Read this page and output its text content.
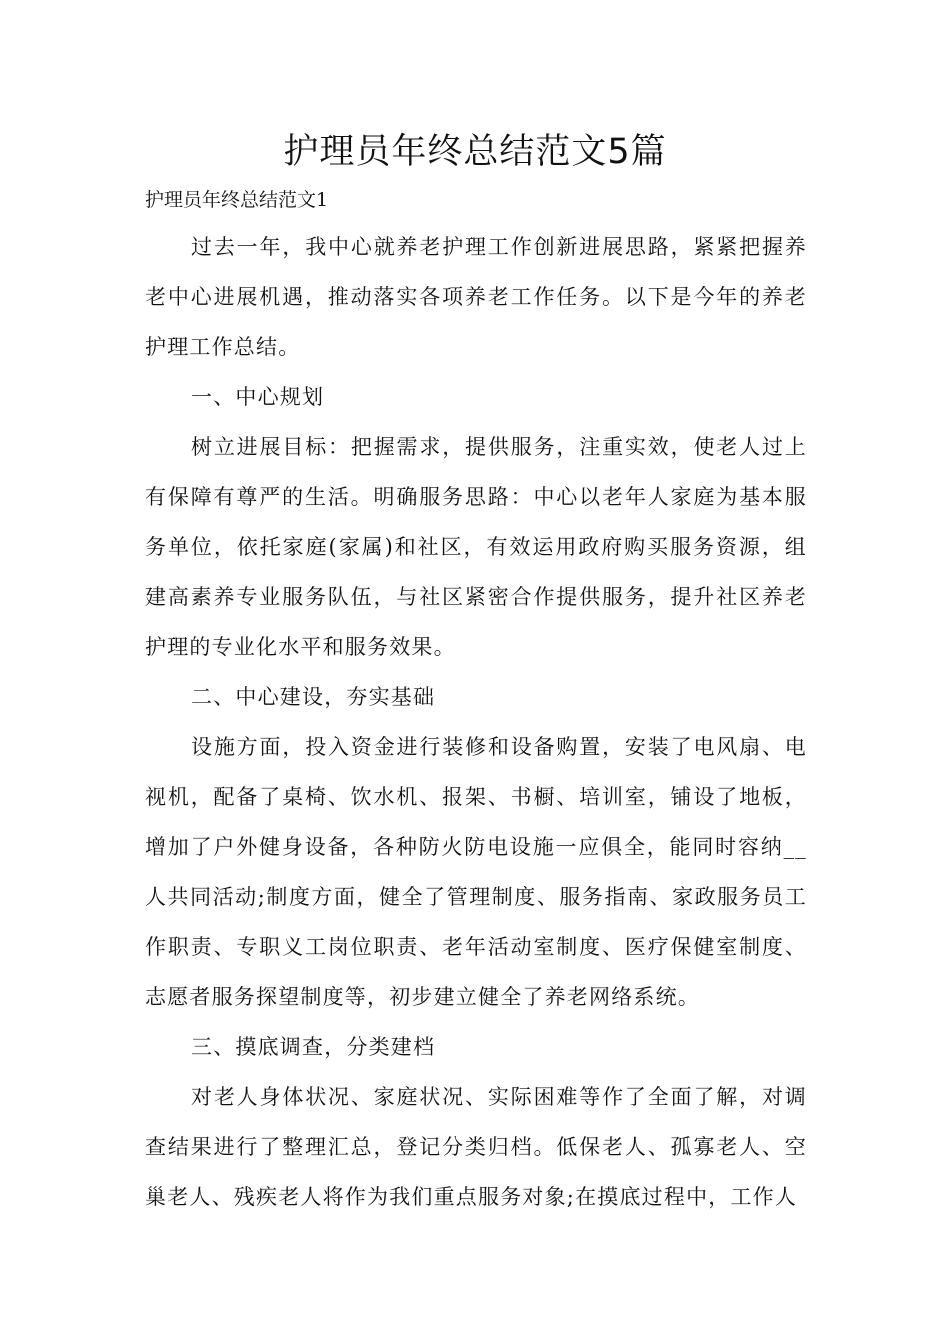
护理员年终总结范文5篇
护理员年终总结范文1

过去一年，我中心就养老护理工作创新进展思路，紧紧把握养老中心进展机遇，推动落实各项养老工作任务。以下是今年的养老护理工作总结。

一、中心规划

树立进展目标：把握需求，提供服务，注重实效，使老人过上有保障有尊严的生活。明确服务思路：中心以老年人家庭为基本服务单位，依托家庭(家属)和社区，有效运用政府购买服务资源，组建高素养专业服务队伍，与社区紧密合作提供服务，提升社区养老护理的专业化水平和服务效果。

二、中心建设，夯实基础

设施方面，投入资金进行装修和设备购置，安装了电风扇、电视机，配备了桌椅、饮水机、报架、书橱、培训室，铺设了地板，增加了户外健身设备，各种防火防电设施一应俱全，能同时容纳__人共同活动;制度方面，健全了管理制度、服务指南、家政服务员工作职责、专职义工岗位职责、老年活动室制度、医疗保健室制度、志愿者服务探望制度等，初步建立健全了养老网络系统。

三、摸底调查，分类建档

对老人身体状况、家庭状况、实际困难等作了全面了解，对调查结果进行了整理汇总，登记分类归档。低保老人、孤寡老人、空巢老人、残疾老人将作为我们重点服务对象;在摸底过程中，工作人
